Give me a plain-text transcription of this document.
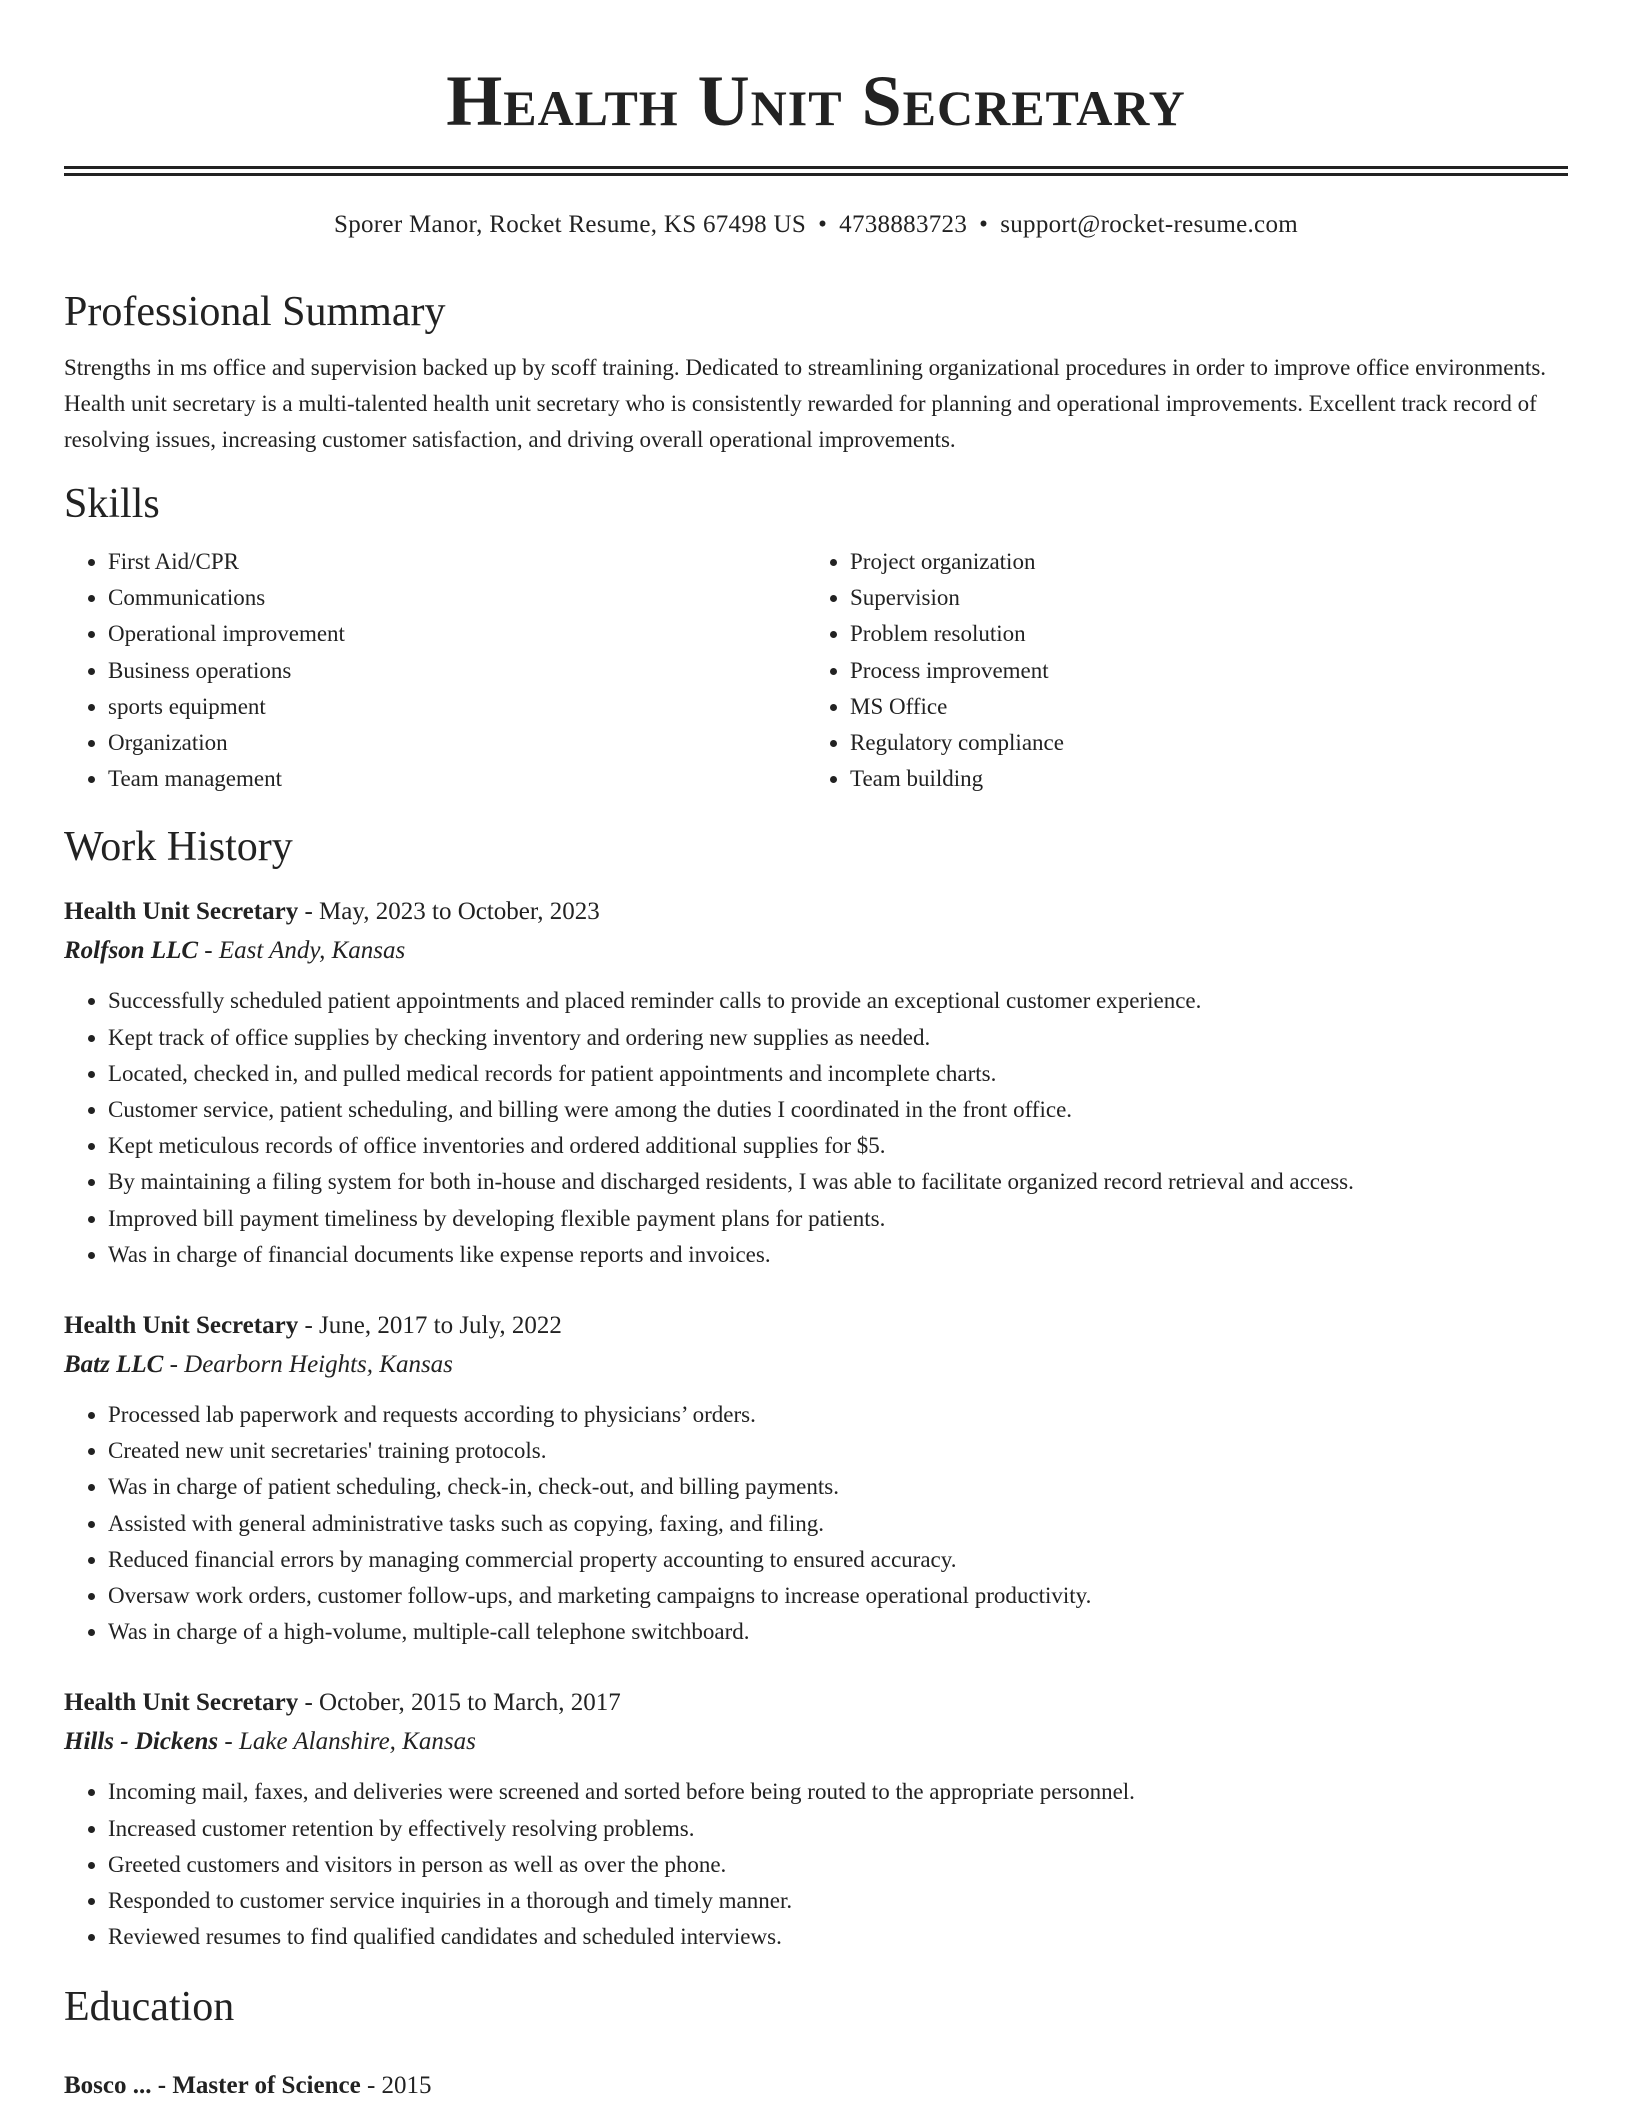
Health Unit Secretary
Sporer Manor, Rocket Resume, KS 67498 US • 4738883723 • support@rocket-resume.com
Professional Summary

Strengths in ms office and supervision backed up by scoff training. Dedicated to streamlining organizational procedures in order to improve office environments. Health unit secretary is a multi-talented health unit secretary who is consistently rewarded for planning and operational improvements. Excellent track record of resolving issues, increasing customer satisfaction, and driving overall operational improvements.

Skills
• First Aid/CPR
• Communications
• Operational improvement
• Business operations
• sports equipment
• Organization
• Team management
• Project organization
• Supervision
• Problem resolution
• Process improvement
• MS Office
• Regulatory compliance
• Team building
Work History
Health Unit Secretary - May, 2023 to October, 2023
Rolfson LLC - East Andy, Kansas
• Successfully scheduled patient appointments and placed reminder calls to provide an exceptional customer experience.
• Kept track of office supplies by checking inventory and ordering new supplies as needed.
• Located, checked in, and pulled medical records for patient appointments and incomplete charts.
• Customer service, patient scheduling, and billing were among the duties I coordinated in the front office.
• Kept meticulous records of office inventories and ordered additional supplies for $5.
• By maintaining a filing system for both in-house and discharged residents, I was able to facilitate organized record retrieval and access.
• Improved bill payment timeliness by developing flexible payment plans for patients.
• Was in charge of financial documents like expense reports and invoices.
Health Unit Secretary - June, 2017 to July, 2022
Batz LLC - Dearborn Heights, Kansas
• Processed lab paperwork and requests according to physicians’ orders.
• Created new unit secretaries' training protocols.
• Was in charge of patient scheduling, check-in, check-out, and billing payments.
• Assisted with general administrative tasks such as copying, faxing, and filing.
• Reduced financial errors by managing commercial property accounting to ensured accuracy.
• Oversaw work orders, customer follow-ups, and marketing campaigns to increase operational productivity.
• Was in charge of a high-volume, multiple-call telephone switchboard.
Health Unit Secretary - October, 2015 to March, 2017
Hills - Dickens - Lake Alanshire, Kansas
• Incoming mail, faxes, and deliveries were screened and sorted before being routed to the appropriate personnel.
• Increased customer retention by effectively resolving problems.
• Greeted customers and visitors in person as well as over the phone.
• Responded to customer service inquiries in a thorough and timely manner.
• Reviewed resumes to find qualified candidates and scheduled interviews.
Education
Bosco ... - Master of Science - 2015
